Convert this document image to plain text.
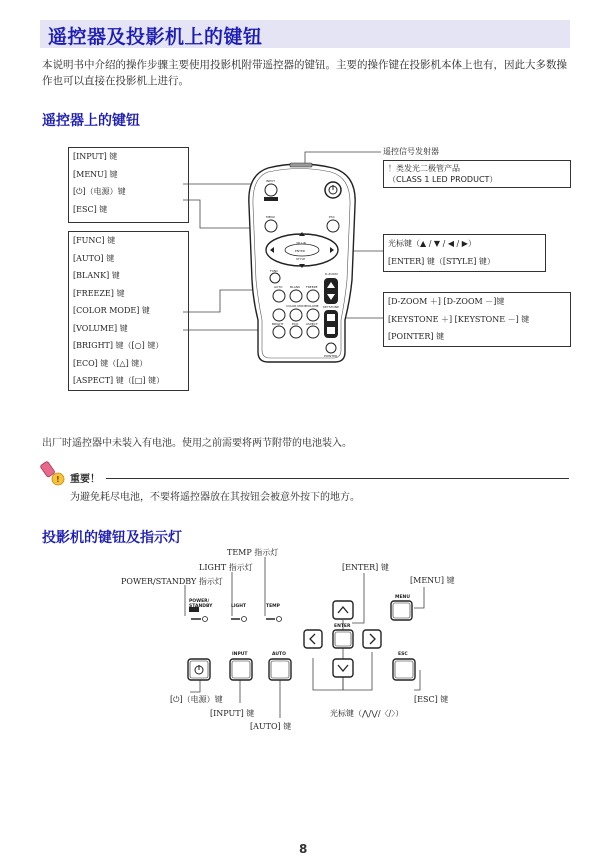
遥控器及投影机上的键钮
本说明书中介绍的操作步骤主要使用投影机附带遥控器的键钮。主要的操作键在投影机本体上也有，因此大多数操作也可以直接在投影机上进行。
遥控器上的键钮
[INPUT] 键
[MENU] 键
[⏻]（电源）键
[ESC] 键
[FUNC] 键
[AUTO] 键
[BLANK] 键
[FREEZE] 键
[COLOR MODE] 键
[VOLUME] 键
[BRIGHT] 键（[○] 键）
[ECO] 键（[△] 键）
[ASPECT] 键（[□] 键）
遥控信号发射器
！类发光二极管产品
（CLASS 1 LED PRODUCT）
光标键（▲ / ▼ / ◀ / ▶）
[ENTER] 键（[STYLE] 键）
[D-ZOOM ＋] [D-ZOOM －]键
[KEYSTONE ＋] [KEYSTONE －] 键
[POINTER] 键
INPUT
MENU	ESC
3D L/R
ENTER
STYLE
FUNC
AUTO	BLANK	FREEZE
D-ZOOM
COLOR MODE VOLUME
BRIGHT	ECO	ASPECT
KEYSTONE
POINTER
出厂时遥控器中未装入有电池。使用之前需要将两节附带的电池装入。
! 重要！
为避免耗尽电池，不要将遥控器放在其按钮会被意外按下的地方。
投影机的键钮及指示灯
TEMP 指示灯
LIGHT 指示灯
POWER/STANDBY 指示灯
[ENTER] 键
[MENU] 键
[⏻]（电源）键
[INPUT] 键
[AUTO] 键
光标键（⋀/⋁/〈/〉）
[ESC] 键
POWER/
STANDBY	LIGHT	TEMP
MENU
ENTER
INPUT	AUTO	ESC
8
